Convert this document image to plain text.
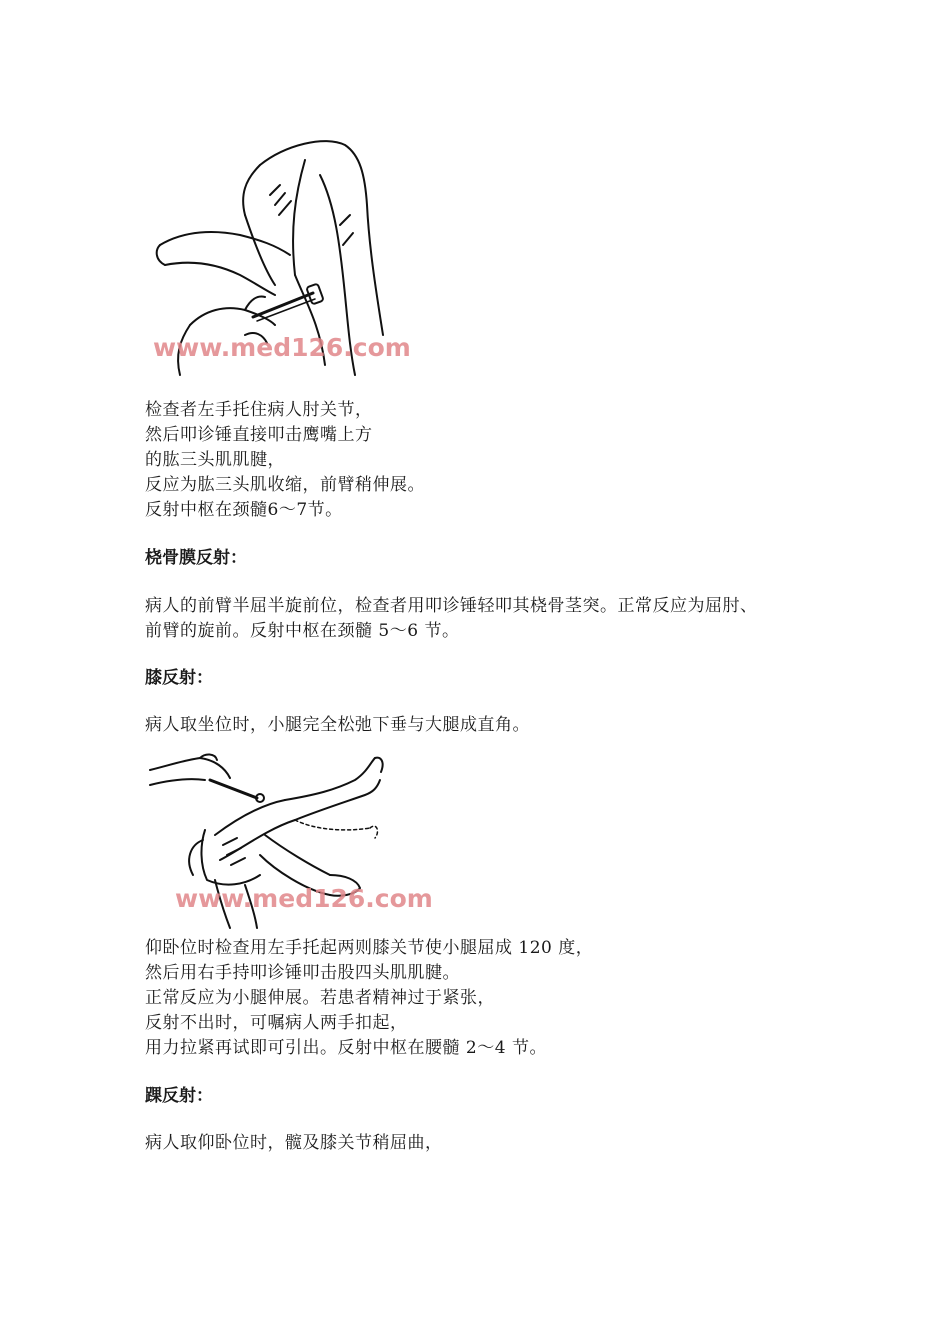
www.med126.com
检查者左手托住病人肘关节，
然后叩诊锤直接叩击鹰嘴上方
的肱三头肌肌腱，
反应为肱三头肌收缩，前臂稍伸展。
反射中枢在颈髓6～7节。
桡骨膜反射：
病人的前臂半屈半旋前位，检查者用叩诊锤轻叩其桡骨茎突。正常反应为屈肘、
前臂的旋前。反射中枢在颈髓 5～6 节。
膝反射：
病人取坐位时，小腿完全松弛下垂与大腿成直角。
www.med126.com
仰卧位时检查用左手托起两则膝关节使小腿屈成 120 度，
然后用右手持叩诊锤叩击股四头肌肌腱。
正常反应为小腿伸展。若患者精神过于紧张，
反射不出时，可嘱病人两手扣起，
用力拉紧再试即可引出。反射中枢在腰髓 2～4 节。
踝反射：
病人取仰卧位时，髋及膝关节稍屈曲，
